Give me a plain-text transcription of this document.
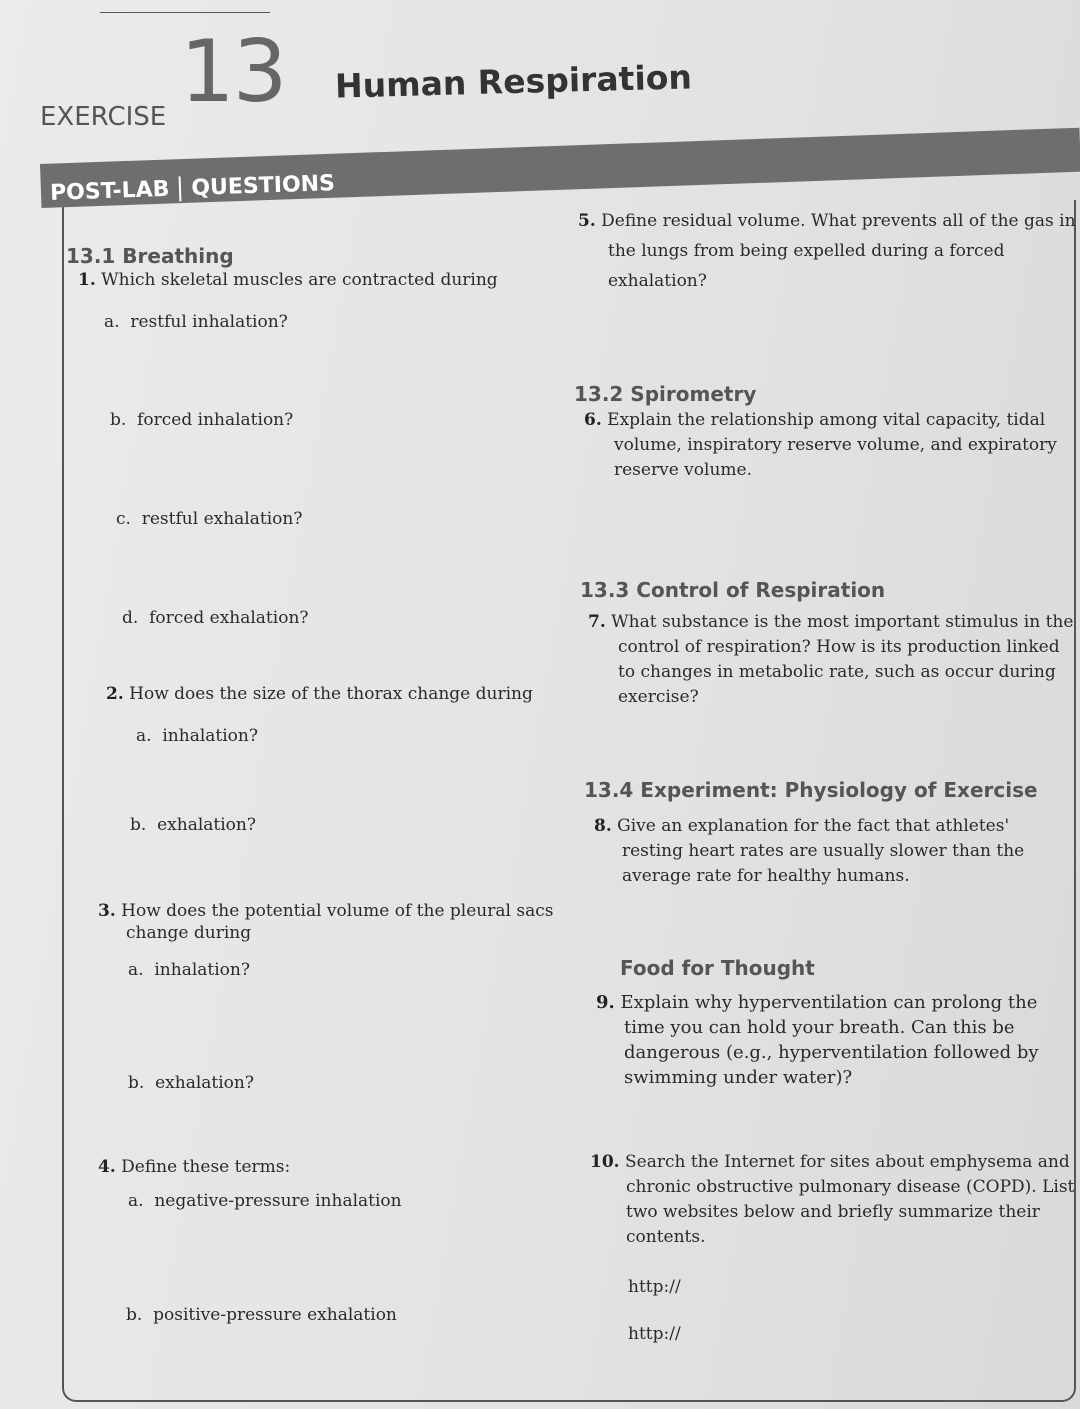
EXERCISE 13 Human Respiration
POST-LAB QUESTIONS
13.1 Breathing
1. Which skeletal muscles are contracted during
a. restful inhalation?
b. forced inhalation?
c. restful exhalation?
d. forced exhalation?
2. How does the size of the thorax change during
a. inhalation?
b. exhalation?
3. How does the potential volume of the pleural sacs change during
a. inhalation?
b. exhalation?
4. Define these terms:
a. negative-pressure inhalation
b. positive-pressure exhalation
5. Define residual volume. What prevents all of the gas in the lungs from being expelled during a forced exhalation?
13.2 Spirometry
6. Explain the relationship among vital capacity, tidal volume, inspiratory reserve volume, and expiratory reserve volume.
13.3 Control of Respiration
7. What substance is the most important stimulus in the control of respiration? How is its production linked to changes in metabolic rate, such as occur during exercise?
13.4 Experiment: Physiology of Exercise
8. Give an explanation for the fact that athletes' resting heart rates are usually slower than the average rate for healthy humans.
Food for Thought
9. Explain why hyperventilation can prolong the time you can hold your breath. Can this be dangerous (e.g., hyperventilation followed by swimming under water)?
10. Search the Internet for sites about emphysema and chronic obstructive pulmonary disease (COPD). List two websites below and briefly summarize their contents.
http://
http://
